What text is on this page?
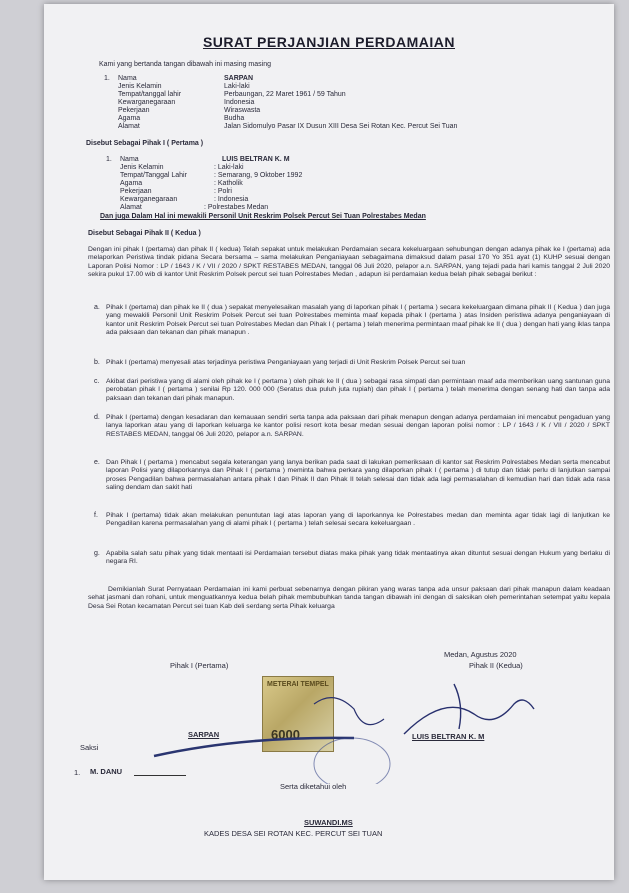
SURAT PERJANJIAN PERDAMAIAN
Kami yang bertanda tangan dibawah ini masing masing
1. Nama	SARPAN
Jenis Kelamin	Laki-laki
Tempat/tanggal lahir	Perbaungan, 22 Maret 1961 / 59 Tahun
Kewarganegaraan	Indonesia
Pekerjaan	Wiraswasta
Agama	Budha
Alamat	Jalan Sidomulyo Pasar IX Dusun XIII Desa Sei Rotan Kec. Percut Sei Tuan
Disebut Sebagai Pihak I ( Pertama )
1. Nama	LUIS BELTRAN K. M
Jenis Kelamin	: Laki-laki
Tempat/Tanggal Lahir	: Semarang, 9 Oktober 1992
Agama	: Katholik
Pekerjaan	: Polri
Kewarganegaraan	: Indonesia
Alamat	: Polrestabes Medan
Dan juga Dalam Hal ini mewakili Personil Unit Reskrim Polsek Percut Sei Tuan Polrestabes Medan
Disebut Sebagai Pihak II ( Kedua )
Dengan ini pihak I (pertama) dan pihak II ( kedua) Telah sepakat untuk melakukan Perdamaian secara kekeluargaan sehubungan dengan adanya pihak ke I (pertama) ada melaporkan Peristiwa tindak pidana Secara bersama – sama melakukan Penganiayaan sebagaimana dimaksud dalam pasal 170 Yo 351 ayat (1) KUHP sesuai dengan Laporan Polisi Nomor : LP / 1643 / K / VII / 2020 / SPKT RESTABES MEDAN, tanggal 06 Juli 2020, pelapor a.n. SARPAN, yang tejadi pada hari kamis tanggal 2 Juli 2020 sekira pukul 17.00 wib di kantor Unit Reskrim Polsek percut sei tuan Polrestabes Medan , adapun isi perdamaian kedua belah pihak sebagai berikut :
a. Pihak I (pertama) dan pihak ke II ( dua ) sepakat menyelesaikan masalah yang di laporkan pihak I ( pertama ) secara kekeluargaan dimana pihak II ( Kedua ) dan juga yang mewakili Personil Unit Reskrim Polsek Percut sei tuan Polrestabes meminta maaf kepada pihak I (pertama ) atas Insiden peristiwa adanya penganiayaan di kantor unit Reskrim Polsek Percut sei tuan Polrestabes Medan dan Pihak I ( pertama ) telah menerima permintaan maaf pihak ke II ( dua ) dengan hati yang iklas tanpa ada paksaan dan tekanan dan pihak manapun .
b. Pihak I (pertama) menyesali atas terjadinya peristiwa Penganiayaan yang terjadi di Unit Reskrim Polsek Percut sei tuan
c. Akibat dari peristiwa yang di alami oleh pihak ke I ( pertama ) oleh pihak ke II ( dua ) sebagai rasa simpati dan permintaan maaf ada memberikan uang santunan guna perobatan pihak I ( pertama ) senilai Rp 120. 000 000 (Seratus dua puluh juta rupiah) dan pihak I ( pertama ) telah menerima dengan senang hati dan tanpa ada paksaan dan tekanan dari pihak manapun.
d. Pihak I (pertama) dengan kesadaran dan kemauaan sendiri serta tanpa ada paksaan dari pihak menapun dengan adanya perdamaian ini mencabut pengaduan yang lanya laporkan atau yang di laporkan keluarga ke kantor polisi resort kota besar medan sesuai dengan laporan polisi nomor : LP / 1643 / K / VII / 2020 / SPKT RESTABES MEDAN, tanggal 06 Juli 2020, pelapor a.n. SARPAN.
e. Dan Pihak I ( pertama ) mencabut segala keterangan yang lanya berikan pada saat di lakukan pemeriksaan di kantor sat Reskrim Polrestabes Medan serta mencabut laporan Polisi yang dilaporkannya dan Pihak I ( pertama ) meminta bahwa perkara yang dilaporkan pihak I ( pertama ) di tutup dan tidak perlu di lanjutkan sampai proses Pengadilan bahwa permasalahan antara pihak I dan Pihak II dan Pihak II telah selesai dan tidak ada lagi permasalahan di kemudian hari dan tidak ada rasa saling dendam dan sakit hati
f. Pihak I (pertama) tidak akan melakukan penuntutan lagi atas laporan yang di laporkannya ke Polrestabes medan dan meminta agar tidak lagi di lanjutkan ke Pengadilan karena permasalahan yang di alami pihak I ( pertama ) telah selesai secara kekeluargaan .
g. Apabila salah satu pihak yang tidak mentaati isi Perdamaian tersebut diatas maka pihak yang tidak mentaatinya akan dituntut sesuai dengan Hukum yang berlaku di negara RI.
Demikianlah Surat Pernyataan Perdamaian ini kami perbuat sebenarnya dengan pikiran yang waras tanpa ada unsur paksaan dari pihak manapun dalam keadaan sehat jasmani dan rohani, untuk menguatkannya kedua belah pihak membubuhkan tanda tangan dibawah ini dengan di saksikan oleh pemerintahan setempat yaitu kepala Desa Sei Rotan kecamatan Percut sei tuan Kab deli serdang serta Pihak keluarga
Medan, Agustus 2020
Pihak I (Pertama)	Pihak II (Kedua)
METERAI TEMPEL
6000
SARPAN	LUIS BELTRAN K. M
Saksi
1. M. DANU
Serta diketahui oleh
SUWANDI.MS
KADES DESA SEI ROTAN KEC. PERCUT SEI TUAN
